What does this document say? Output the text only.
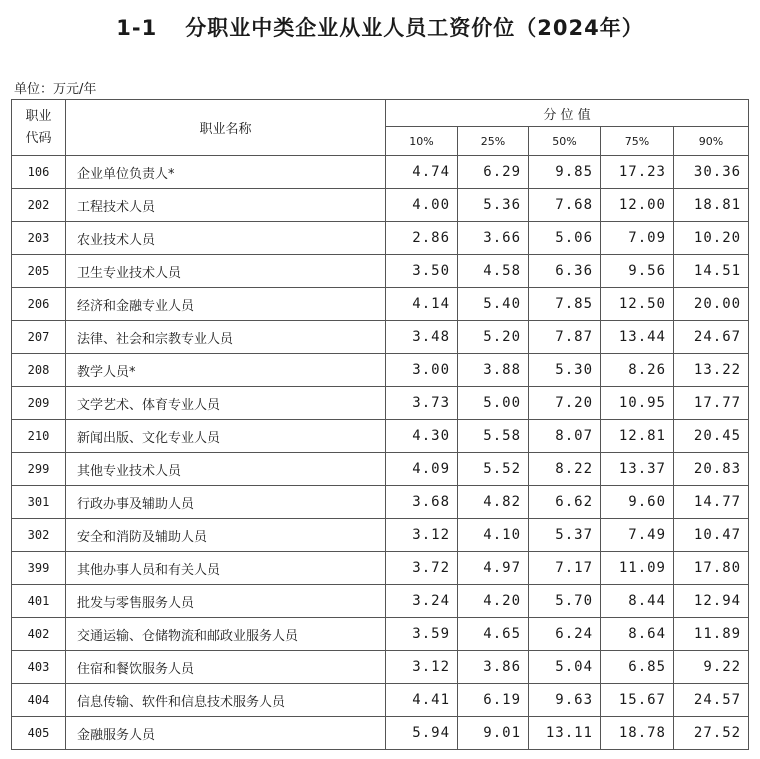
1-1 分职业中类企业从业人员工资价位（2024年）
单位：万元/年
职业
代码	职业名称	分 位 值				
		10%	25%	50%	75%	90%
106	企业单位负责人*	4.74	6.29	9.85	17.23	30.36
202	工程技术人员	4.00	5.36	7.68	12.00	18.81
203	农业技术人员	2.86	3.66	5.06	7.09	10.20
205	卫生专业技术人员	3.50	4.58	6.36	9.56	14.51
206	经济和金融专业人员	4.14	5.40	7.85	12.50	20.00
207	法律、社会和宗教专业人员	3.48	5.20	7.87	13.44	24.67
208	教学人员*	3.00	3.88	5.30	8.26	13.22
209	文学艺术、体育专业人员	3.73	5.00	7.20	10.95	17.77
210	新闻出版、文化专业人员	4.30	5.58	8.07	12.81	20.45
299	其他专业技术人员	4.09	5.52	8.22	13.37	20.83
301	行政办事及辅助人员	3.68	4.82	6.62	9.60	14.77
302	安全和消防及辅助人员	3.12	4.10	5.37	7.49	10.47
399	其他办事人员和有关人员	3.72	4.97	7.17	11.09	17.80
401	批发与零售服务人员	3.24	4.20	5.70	8.44	12.94
402	交通运输、仓储物流和邮政业服务人员	3.59	4.65	6.24	8.64	11.89
403	住宿和餐饮服务人员	3.12	3.86	5.04	6.85	9.22
404	信息传输、软件和信息技术服务人员	4.41	6.19	9.63	15.67	24.57
405	金融服务人员	5.94	9.01	13.11	18.78	27.52
